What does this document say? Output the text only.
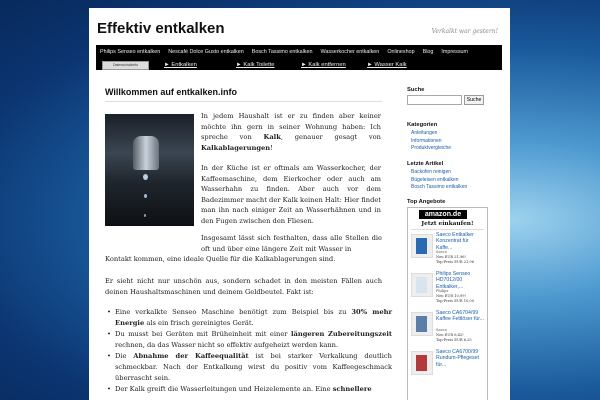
Effektiv entkalken	Verkalkt war gestern!
Philips Senseo entkalken	Nescafé Dolce Gusto entkalken	Bosch Tassimo entkalken	Wasserkocher entkalken	Onlineshop	Blog	Impressum
Datenschutzinfo	► Entkalken	► Kalk Toilette	► Kalk entfernen	► Wasser Kalk
Willkommen auf entkalken.info

In jedem Haushalt ist er zu finden aber keiner möchte ihn gern in seiner Wohnung haben: Ich spreche von Kalk, genauer gesagt von Kalkablagerungen!

In der Küche ist er oftmals am Wasserkocher, der Kaffeemaschine, dem Eierkocher oder auch am Wasserhahn zu finden. Aber auch vor dem Badezimmer macht der Kalk keinen Halt: Hier findet man ihn nach einiger Zeit an Wasserhähnen und in den Fugen zwischen den Fliesen.

Insgesamt lässt sich festhalten, dass alle Stellen die oft und über eine längere Zeit mit Wasser in
Kontakt kommen, eine ideale Quelle für die Kalkablagerungen sind.

Er sieht nicht nur unschön aus, sondern schadet in den meisten Fällen auch deinen Haushaltsmaschinen und deinem Geldbeutel. Fakt ist:

• Eine verkalkte Senseo Maschine benötigt zum Beispiel bis zu 30% mehr Energie als ein frisch gereinigtes Gerät.
• Du musst bei Geräten mit Brüheinheit mit einer längeren Zubereitungszeit rechnen, da das Wasser nicht so effektiv aufgeheizt werden kann.
• Die Abnahme der Kaffeequalität ist bei starker Verkalkung deutlich schmeckbar. Nach der Entkalkung wirst du positiv vom Kaffeegeschmack überrascht sein.
• Der Kalk greift die Wasserleitungen und Heizelemente an. Eine schnellere
Suche
Suche
Kategorien
Anleitungen
Informationen
Produktvergleiche
Letzte Artikel
Backofen reinigen
Bügeleisen entkalken
Bosch Tassimo entkalken
Top Angebote
amazon.de
Jetzt einkaufen!
Saeco Entkalker Konzentrat für Kaffe...
Saeco
Neu EUR 21,96!
Top-Preis EUR 21,96
Philips Senseo HD7012/00 Entkalker,...
Philips
Neu EUR 10,99!
Top-Preis EUR 10,00
Saeco CA6704/99 Kaffee Fettlöser für...
Saeco
Neu EUR 6,42!
Top-Preis EUR 6,25
Saeco CA6700/99 Rundum-Pflegeset für...
